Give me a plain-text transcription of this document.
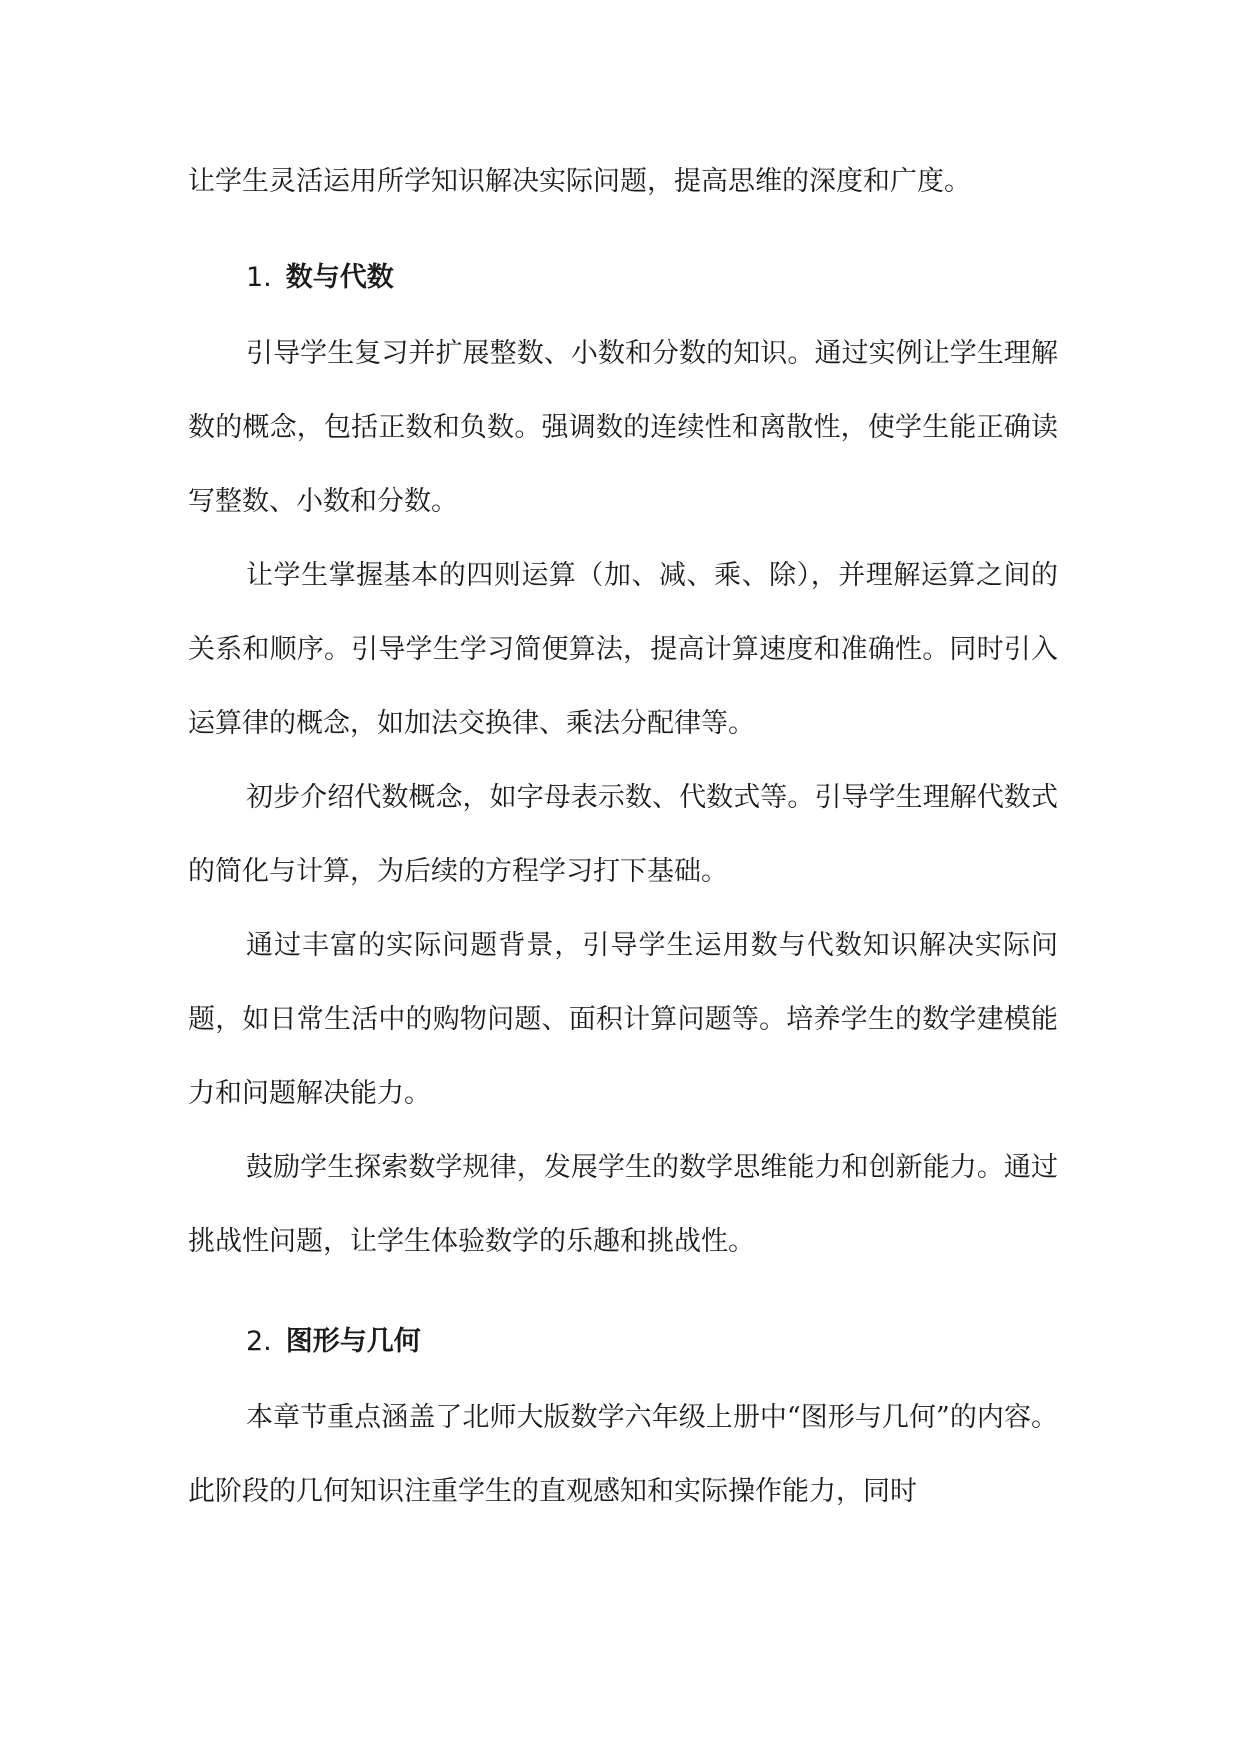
让学生灵活运用所学知识解决实际问题，提高思维的深度和广度。

1. 数与代数

引导学生复习并扩展整数、小数和分数的知识。通过实例让学生理解数的概念，包括正数和负数。强调数的连续性和离散性，使学生能正确读写整数、小数和分数。

让学生掌握基本的四则运算（加、减、乘、除），并理解运算之间的关系和顺序。引导学生学习简便算法，提高计算速度和准确性。同时引入运算律的概念，如加法交换律、乘法分配律等。

初步介绍代数概念，如字母表示数、代数式等。引导学生理解代数式的简化与计算，为后续的方程学习打下基础。

通过丰富的实际问题背景，引导学生运用数与代数知识解决实际问题，如日常生活中的购物问题、面积计算问题等。培养学生的数学建模能力和问题解决能力。

鼓励学生探索数学规律，发展学生的数学思维能力和创新能力。通过挑战性问题，让学生体验数学的乐趣和挑战性。

2. 图形与几何

本章节重点涵盖了北师大版数学六年级上册中“图形与几何”的内容。此阶段的几何知识注重学生的直观感知和实际操作能力，同时
